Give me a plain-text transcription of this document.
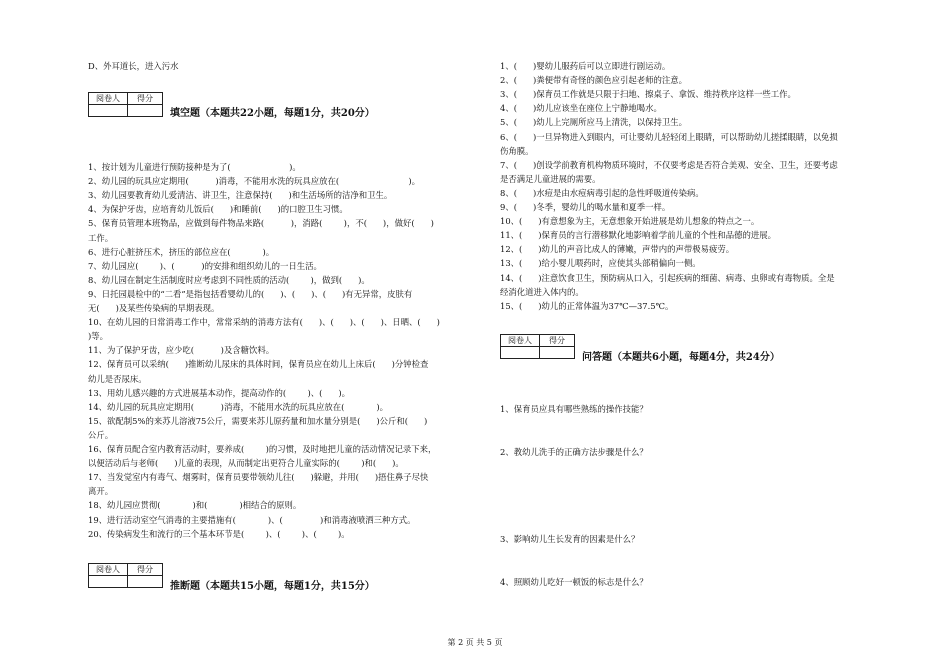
D、外耳道长，进入污水
阅卷人	得分

填空题（本题共22小题，每题1分，共20分）
1、按计划为儿童进行预防接种是为了(                      )。
2、幼儿园的玩具应定期用(          )消毒，不能用水洗的玩具应放在(                          )。
3、幼儿园要教育幼儿爱清洁、讲卫生，注意保持(      )和生活场所的洁净和卫生。
4、为保护牙齿，应培育幼儿饭后(      )和睡前(      )的口腔卫生习惯。
5、保育员管理本班物品，应做到每件物品来路(          )，消路(        )，不(      )，做好(      )
工作。
6、进行心脏挤压术，挤压的部位应在(            )。
7、幼儿园应(        )、(          )的安排和组织幼儿的一日生活。
8、幼儿园在制定生活制度时应考虑到不同性质的活动(        )，做到(      )。
9、日托园晨检中的“二看”是指包括看婴幼儿的(      )、(      )、(      )有无异常，皮肤有
无(      )及某些传染病的早期表现。
10、在幼儿园的日常消毒工作中，常常采纳的消毒方法有(      )、(      )、(      )、日晒、(      )
)等。
11、为了保护牙齿，应少吃(          )及含糖饮料。
12、保育员可以采纳(      )推断幼儿尿床的具体时间，保育员应在幼儿上床后(      )分钟检查
幼儿是否尿床。
13、用幼儿感兴趣的方式进展基本动作，提高动作的(        )、(      )。
14、幼儿园的玩具应定期用(          )消毒，不能用水洗的玩具应放在(            )。
15、欲配制5%的来苏儿溶液75公斤，需要来苏儿原药量和加水量分别是(      )公斤和(      )
公斤。
16、保育员配合室内教育活动时，要养成(        )的习惯，及时地把儿童的活动情况记录下来，
以便活动后与老师(      )儿童的表现，从而制定出更符合儿童实际的(        )和(      )。
17、当发觉室内有毒气、烟雾时，保育员要带领幼儿往(      )躲避，并用(      )捂住鼻子尽快
离开。
18、幼儿园应贯彻(            )和(            )相结合的原则。
19、进行活动室空气消毒的主要措施有(            )、(              )和消毒液喷洒三种方式。
20、传染病发生和流行的三个基本环节是(        )、(        )、(        )。
阅卷人	得分

推断题（本题共15小题，每题1分，共15分）
1、(      )婴幼儿服药后可以立即进行剧运动。
2、(      )粪便带有奇怪的颜色应引起老师的注意。
3、(      )保育员工作就是只限于扫地、擦桌子、拿饭、维持秩序这样一些工作。
4、(      )幼儿应该坐在座位上宁静地喝水。
5、(      )幼儿上完厕所应马上清洗，以保持卫生。
6、(      )一旦异物进入到眼内，可让婴幼儿轻轻闭上眼睛，可以帮助幼儿搓揉眼睛，以免损
伤角膜。
7、(      )创设学前教育机构物质环境时，不仅要考虑是否符合美观、安全、卫生，还要考虑
是否满足儿童进展的需要。
8、(      )水痘是由水痘病毒引起的急性呼吸道传染病。
9、(      )冬季，婴幼儿的喝水量和夏季一样。
10、(      )有意想象为主，无意想象开始进展是幼儿想象的特点之一。
11、(      )保育员的言行潜移默化地影响着学前儿童的个性和品德的进展。
12、(      )幼儿的声音比成人的薄嫩，声带内的声带极易疲劳。
13、(      )给小婴儿喂药时，应使其头部稍偏向一侧。
14、(      )注意饮食卫生，预防病从口入，引起疾病的细菌、病毒、虫卵或有毒物质。全是
经消化道进入体内的。
15、(      )幼儿的正常体温为37℃—37.5℃。
阅卷人	得分

问答题（本题共6小题，每题4分，共24分）
1、保育员应具有哪些熟练的操作技能？
2、教幼儿洗手的正确方法步骤是什么？
3、影响幼儿生长发育的因素是什么？
4、照顾幼儿吃好一顿饭的标志是什么？
第 2 页 共 5 页
